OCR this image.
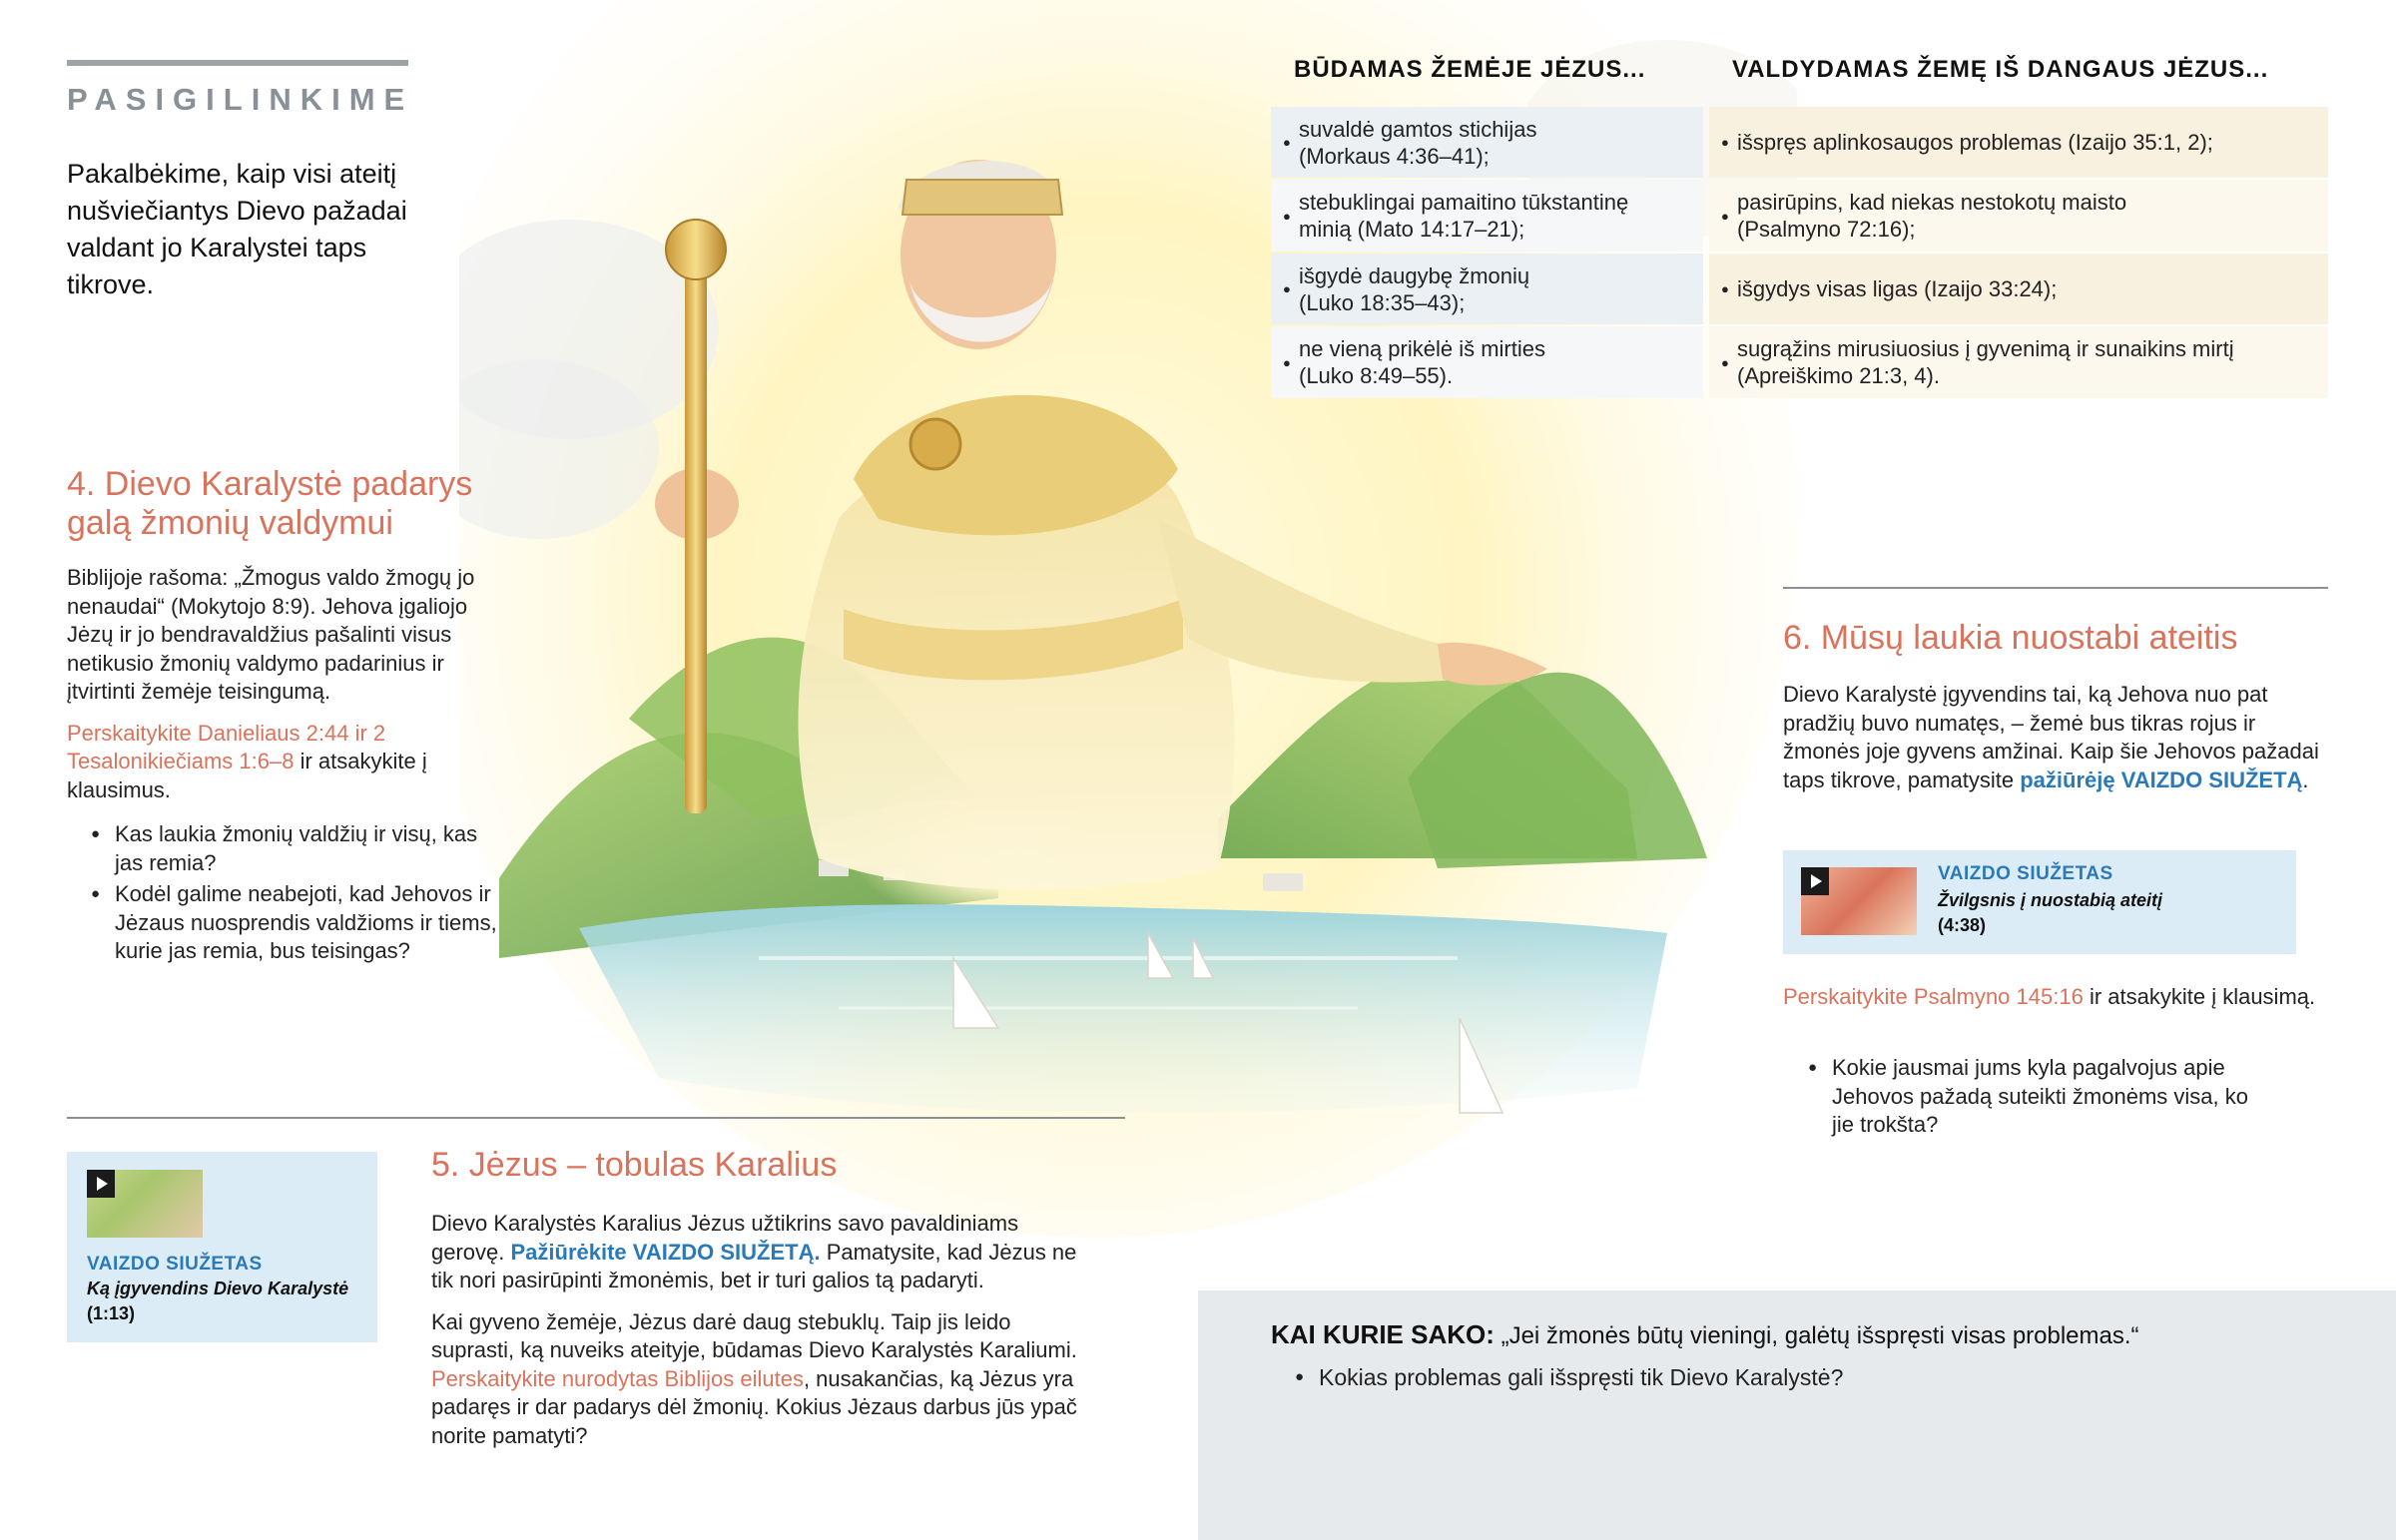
PASIGILINKIME
Pakalbėkime, kaip visi ateitį nušviečiantys Dievo pažadai valdant jo Karalystei taps tikrove.
BŪDAMAS ŽEMĖJE JĖZUS...	VALDYDAMAS ŽEMĘ IŠ DANGAUS JĖZUS...
●
suvaldė gamtos stichijas
(Morkaus 4:36–41);
●
stebuklingai pamaitino tūkstantinę
minią (Mato 14:17–21);
●
išgydė daugybę žmonių
(Luko 18:35–43);
●
ne vieną prikėlė iš mirties
(Luko 8:49–55).
● išspręs aplinkosaugos problemas (Izaijo 35:1, 2);
●
pasirūpins, kad niekas nestokotų maisto
(Psalmyno 72:16);
● išgydys visas ligas (Izaijo 33:24);
●
sugrąžins mirusiuosius į gyvenimą ir sunaikins mirtį
(Apreiškimo 21:3, 4).
4. Dievo Karalystė padarys
galą žmonių valdymui

Biblijoje rašoma: „Žmogus valdo žmogų jo nenaudai“ (Mokytojo 8:9). Jehova įgaliojo Jėzų ir jo bendravaldžius pašalinti visus netikusio žmonių valdymo padarinius ir įtvirtinti žemėje teisingumą.

Perskaitykite Danieliaus 2:44 ir 2 Tesalonikiečiams 1:6–8 ir atsakykite į klausimus.

● Kas laukia žmonių valdžių ir visų, kas jas remia?
● Kodėl galime neabejoti, kad Jehovos ir Jėzaus nuosprendis valdžioms ir tiems, kurie jas remia, bus teisingas?
VAIZDO SIUŽETAS
Ką įgyvendins Dievo Karalystė
(1:13)
5. Jėzus – tobulas Karalius

Dievo Karalystės Karalius Jėzus užtikrins savo pavaldiniams gerovę. Pažiūrėkite VAIZDO SIUŽETĄ. Pamatysite, kad Jėzus ne tik nori pasirūpinti žmonėmis, bet ir turi galios tą padaryti.

Kai gyveno žemėje, Jėzus darė daug stebuklų. Taip jis leido suprasti, ką nuveiks ateityje, būdamas Dievo Karalystės Karaliumi. Perskaitykite nurodytas Biblijos eilutes, nusakančias, ką Jėzus yra padaręs ir dar padarys dėl žmonių. Kokius Jėzaus darbus jūs ypač norite pamatyti?

6. Mūsų laukia nuostabi ateitis

Dievo Karalystė įgyvendins tai, ką Jehova nuo pat pradžių buvo numatęs, – žemė bus tikras rojus ir žmonės joje gyvens amžinai. Kaip šie Jehovos pažadai taps tikrove, pamatysite pažiūrėję VAIZDO SIUŽETĄ.

VAIZDO SIUŽETAS
Žvilgsnis į nuostabią ateitį
(4:38)

Perskaitykite Psalmyno 145:16 ir atsakykite į klausimą.

● Kokie jausmai jums kyla pagalvojus apie Jehovos pažadą suteikti žmonėms visa, ko jie trokšta?
KAI KURIE SAKO: „Jei žmonės būtų vieningi, galėtų išspręsti visas problemas.“
● Kokias problemas gali išspręsti tik Dievo Karalystė?
